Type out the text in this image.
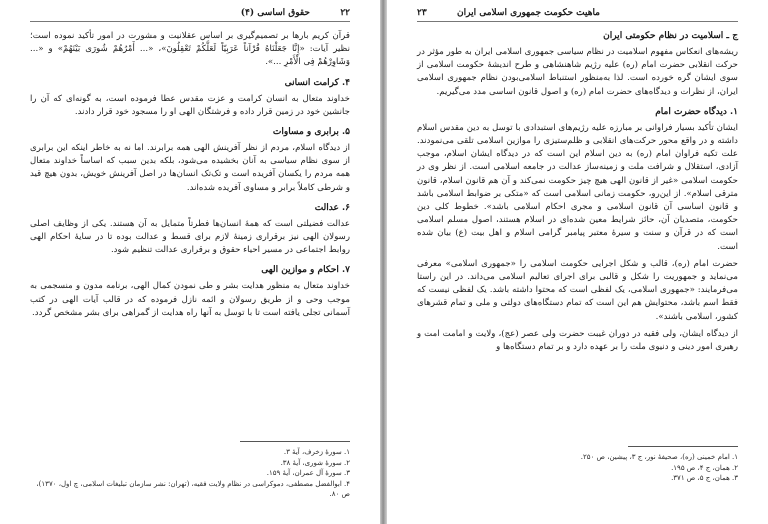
۲۲
حقوق اساسی (۴)

قرآن کریم بارها بر تصمیم‌گیری بر اساس عقلانیت و مشورت در امور تأکید نموده است؛ نظیر آیات: «إِنَّا جَعَلْنَاهُ قُرْآناً عَرَبِیّاً لَعَلَّکُمْ تَعْقِلُونَ»، «... أَمْرُهُمْ شُورَى بَیْنَهُمْ» و «... وَشَاوِرْهُمْ فِی الْأَمْرِ ...».

۴. کرامت انسانی

خداوند متعال به انسان کرامت و عزت مقدس عطا فرموده است، به گونه‌ای که آن را جانشین خود در زمین قرار داده و فرشتگان الهی او را مسجود خود قرار دادند.

۵. برابری و مساوات

از دیدگاه اسلام، مردم از نظر آفرینش الهی همه برابرند. اما نه به خاطر اینکه این برابری از سوی نظام سیاسی به آنان بخشیده می‌شود، بلکه بدین سبب که اساساً خداوند متعال همه مردم را یکسان آفریده است و تک‌تک انسان‌ها در اصل آفرینش خویش، بدون هیچ قید و شرطی کاملاً برابر و مساوی آفریده شده‌اند.

۶. عدالت

عدالت فضیلتی است که همهٔ انسان‌ها فطرتاً متمایل به آن هستند. یکی از وظایف اصلی رسولان الهی نیز برقراری زمینهٔ لازم برای قسط و عدالت بوده تا در سایهٔ احکام الهی روابط اجتماعی در مسیر احیاء حقوق و برقراری عدالت تنظیم شود.

۷. احکام و موازین الهی

خداوند متعال به منظور هدایت بشر و طی نمودن کمال الهی، برنامه مدون و منسجمی به موجب وحی و از طریق رسولان و ائمه نازل فرموده که در قالب آیات الهی در کتب آسمانی تجلی یافته است تا با توسل به آنها راه هدایت از گمراهی برای بشر مشخص گردد.

۱. سورهٔ زخرف، آیهٔ ۳.

۲. سورهٔ شوری، آیهٔ ۳۸.

۳. سورهٔ آل عمران، آیهٔ ۱۵۹.

۴. ابوالفضل مصطفی، دموکراسی در نظام ولایت فقیه، (تهران: نشر سازمان تبلیغات اسلامی، چ اول، ۱۳۷۰)، ص ۸۰.

۲۳	ماهیت حکومت جمهوری اسلامی ایران
ج ـ اسلامیت در نظام حکومتی ایران

ریشه‌های انعکاس مفهوم اسلامیت در نظام سیاسی جمهوری اسلامی ایران به طور مؤثر در حرکت انقلابی حضرت امام (ره) علیه رژیم شاهنشاهی و طرح اندیشهٔ حکومت اسلامی از سوی ایشان گره خورده است. لذا به‌منظور استنباط اسلامی‌بودن نظام جمهوری اسلامی ایران، از نظرات و دیدگاه‌های حضرت امام (ره) و اصول قانون اساسی مدد می‌گیریم.

۱. دیدگاه حضرت امام

ایشان تأکید بسیار فراوانی بر مبارزه علیه رژیم‌های استبدادی با توسل به دین مقدس اسلام داشته و در واقع محور حرکت‌های انقلابی و ظلم‌ستیزی را موازین اسلامی تلقی می‌نمودند. علت تکیه فراوان امام (ره) به دین اسلام این است که در دیدگاه ایشان اسلام، موجب آزادی، استقلال و شرافت ملت و زمینه‌ساز عدالت در جامعه اسلامی است. از نظر وی در حکومت اسلامی «غیر از قانون الهی هیچ چیز حکومت نمی‌کند و آن هم قانون اسلام، قانون مترقی اسلام». از این‌رو، حکومت زمانی اسلامی است که «متکی بر ضوابط اسلامی باشد و قانون اساسی آن قانون اسلامی و مجری احکام اسلامی باشد». خطوط کلی دین حکومت، متصدیان آن، حائز شرایط معین شده‌ای در اسلام هستند، اصول مسلم اسلامی است که در قرآن و سنت و سیرهٔ معتبر پیامبر گرامی اسلام و اهل بیت (ع) بیان شده است.

حضرت امام (ره)، قالب و شکل اجرایی حکومت اسلامی را «جمهوری اسلامی» معرفی می‌نماید و جمهوریت را شکل و قالبی برای اجرای تعالیم اسلامی می‌داند. در این راستا می‌فرمایند: «جمهوری اسلامی، یک لفظی است که محتوا داشته باشد. یک لفظی نیست که فقط اسم باشد، محتوایش هم این است که تمام دستگاه‌های دولتی و ملی و تمام قشرهای کشور، اسلامی باشند».

از دیدگاه ایشان، ولی فقیه در دوران غیبت حضرت ولی عصر (عج)، ولایت و امامت امت و رهبری امور دینی و دنیوی ملت را بر عهده دارد و بر تمام دستگاه‌ها و

۱. امام خمینی (ره)، صحیفهٔ نور، ج ۳، پیشین، ص ۲۵۰.

۲. همان، ج ۴، ص ۱۹۵.

۳. همان، ج ۵، ص ۳۷۱.
